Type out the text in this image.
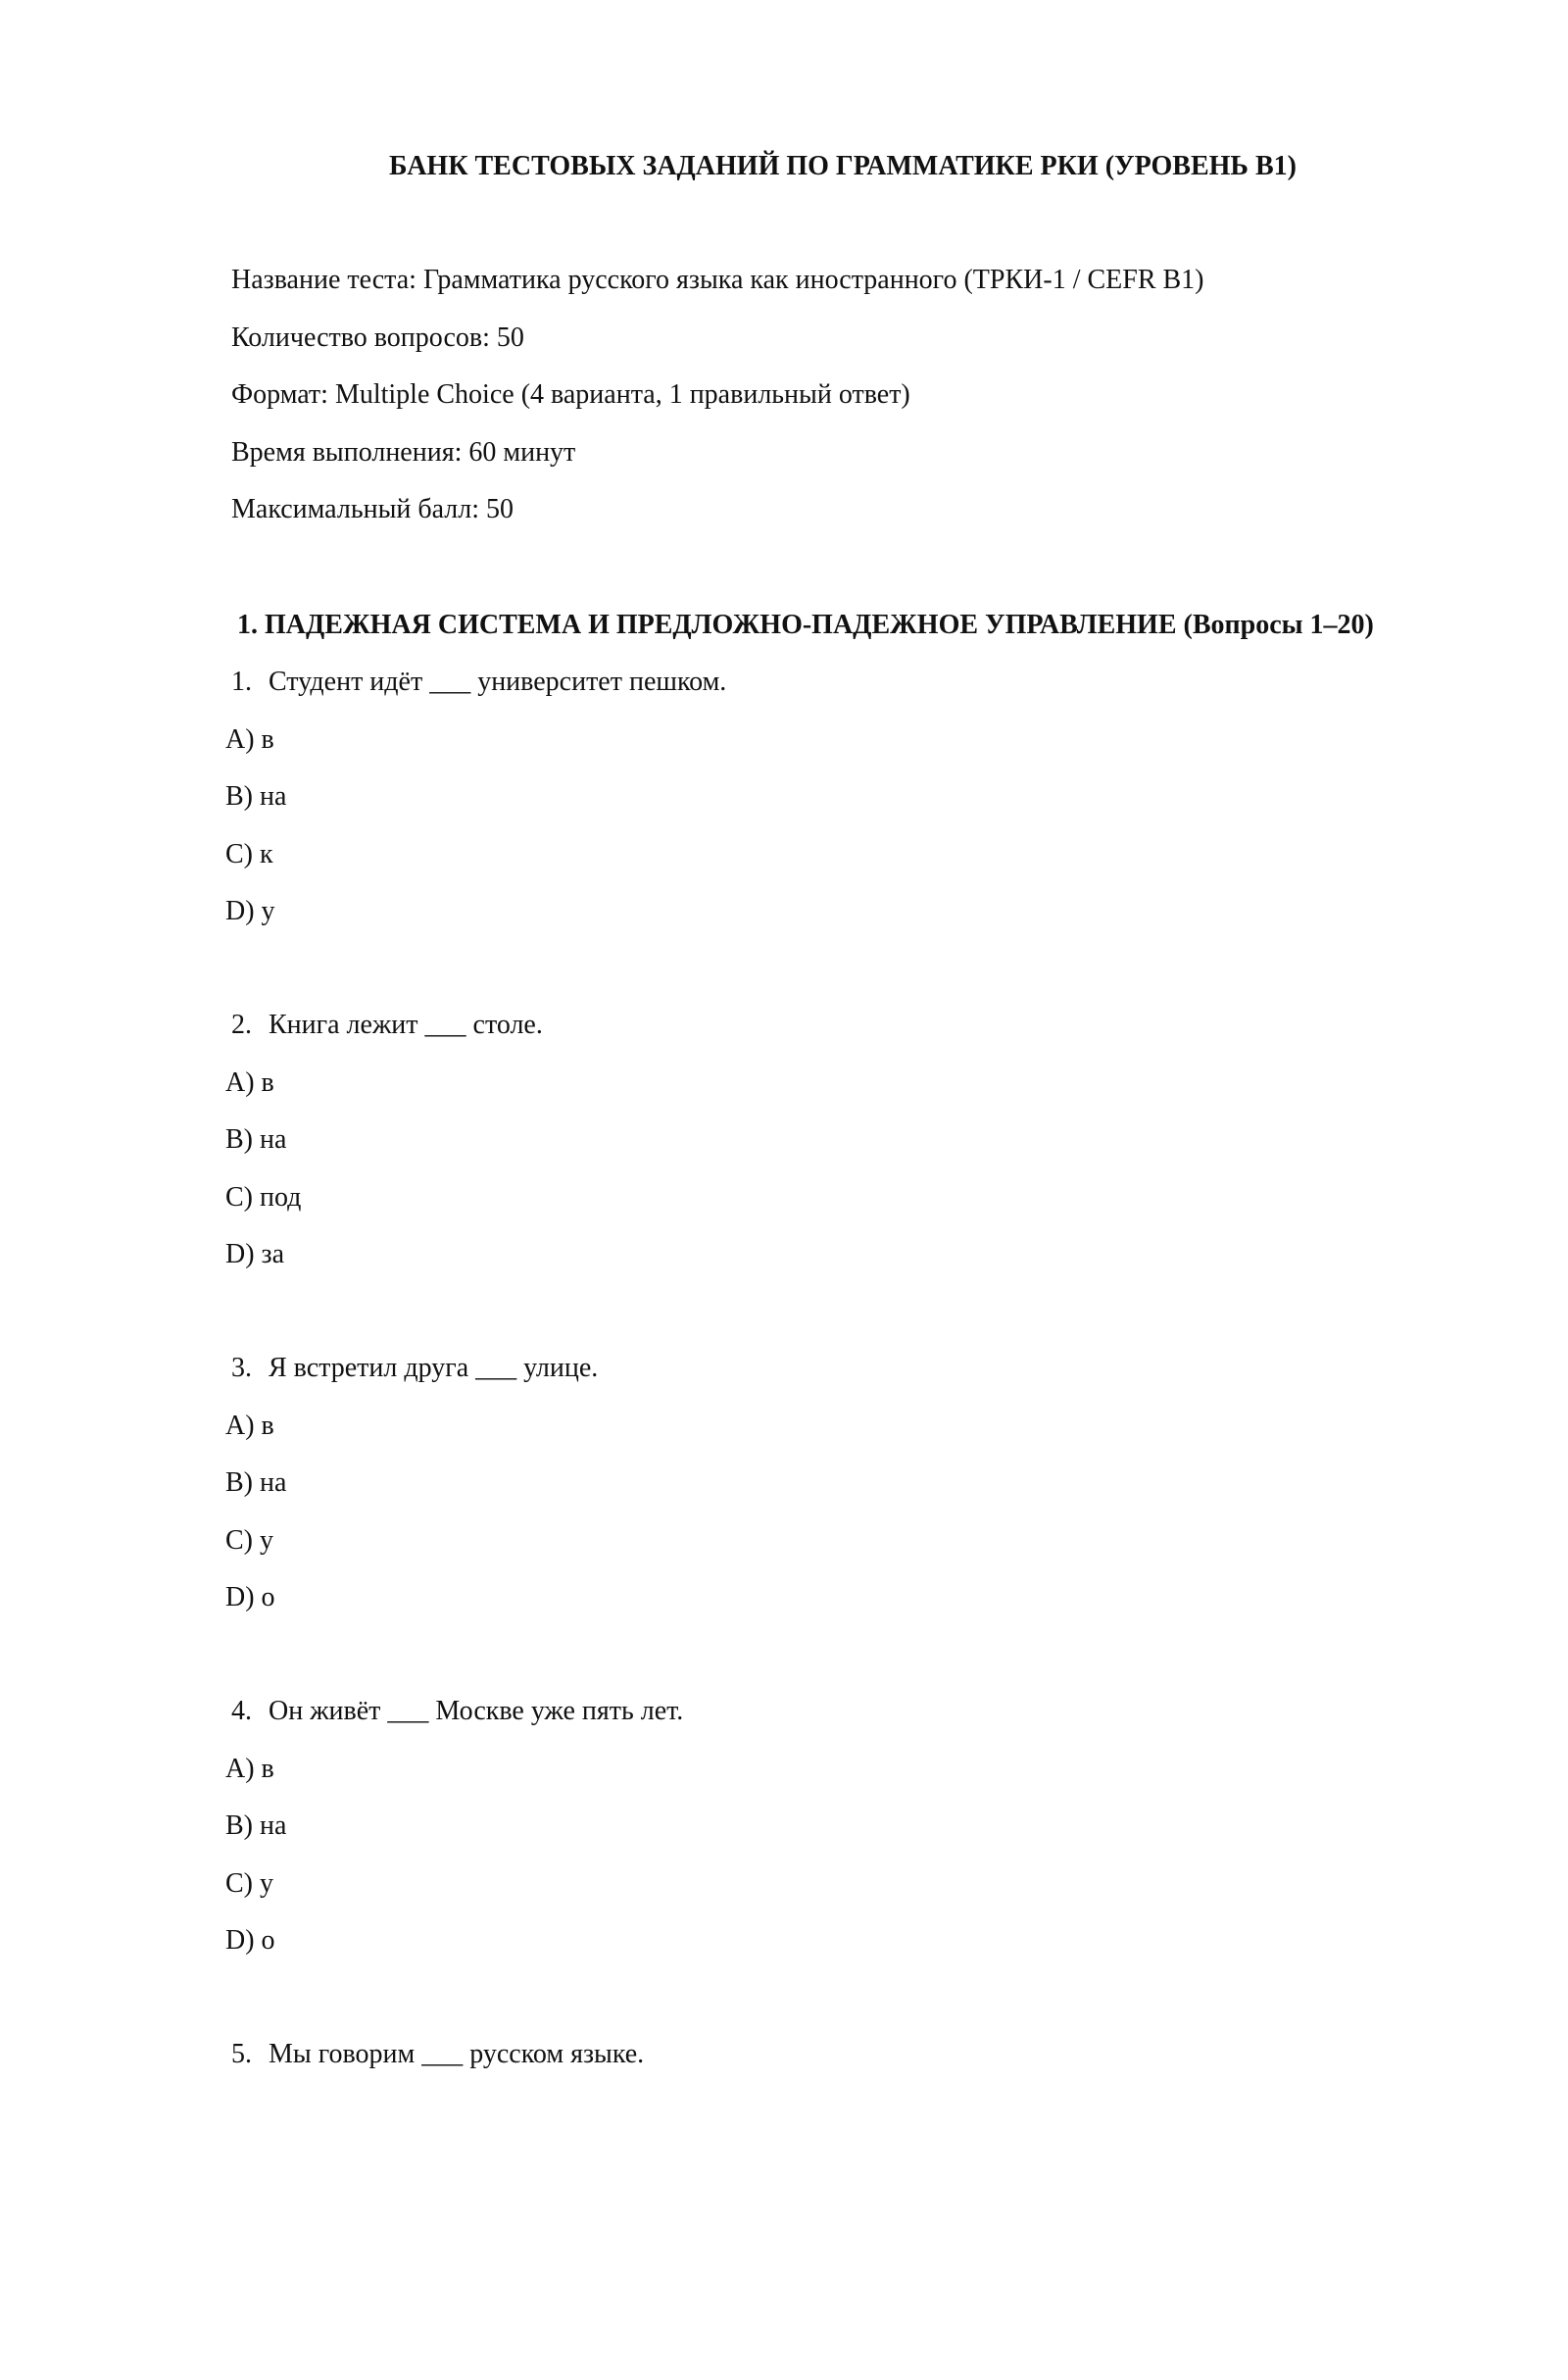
БАНК ТЕСТОВЫХ ЗАДАНИЙ ПО ГРАММАТИКЕ РКИ (УРОВЕНЬ B1)
Название теста: Грамматика русского языка как иностранного (ТРКИ-1 / CEFR B1)
Количество вопросов: 50
Формат: Multiple Choice (4 варианта, 1 правильный ответ)
Время выполнения: 60 минут
Максимальный балл: 50
1. ПАДЕЖНАЯ СИСТЕМА И ПРЕДЛОЖНО-ПАДЕЖНОЕ УПРАВЛЕНИЕ (Вопросы 1–20)
1. Студент идёт ___ университет пешком.
A) в
B) на
C) к
D) у
2. Книга лежит ___ столе.
A) в
B) на
C) под
D) за
3. Я встретил друга ___ улице.
A) в
B) на
C) у
D) о
4. Он живёт ___ Москве уже пять лет.
A) в
B) на
C) у
D) о
5. Мы говорим ___ русском языке.
